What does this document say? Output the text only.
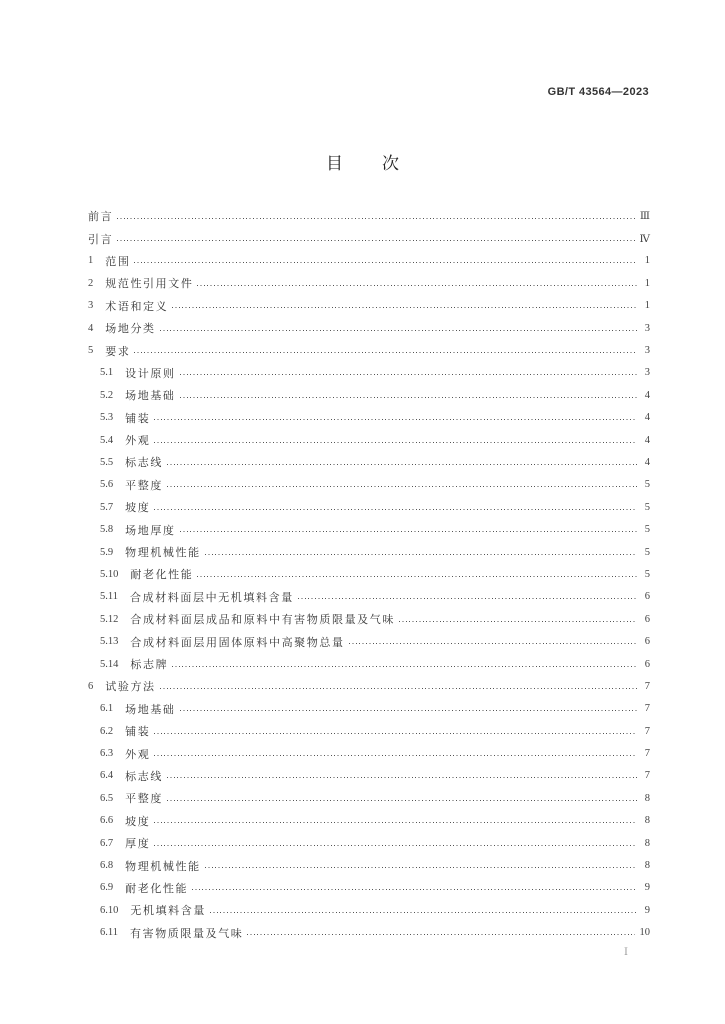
GB/T 43564—2023
目　次
前言	Ⅲ
引言	Ⅳ
1 范围	1
2 规范性引用文件	1
3 术语和定义	1
4 场地分类	3
5 要求	3
5.1 设计原则	3
5.2 场地基础	4
5.3 铺装	4
5.4 外观	4
5.5 标志线	4
5.6 平整度	5
5.7 坡度	5
5.8 场地厚度	5
5.9 物理机械性能	5
5.10 耐老化性能	5
5.11 合成材料面层中无机填料含量	6
5.12 合成材料面层成品和原料中有害物质限量及气味	6
5.13 合成材料面层用固体原料中高聚物总量	6
5.14 标志牌	6
6 试验方法	7
6.1 场地基础	7
6.2 铺装	7
6.3 外观	7
6.4 标志线	7
6.5 平整度	8
6.6 坡度	8
6.7 厚度	8
6.8 物理机械性能	8
6.9 耐老化性能	9
6.10 无机填料含量	9
6.11 有害物质限量及气味	10
Ⅰ
